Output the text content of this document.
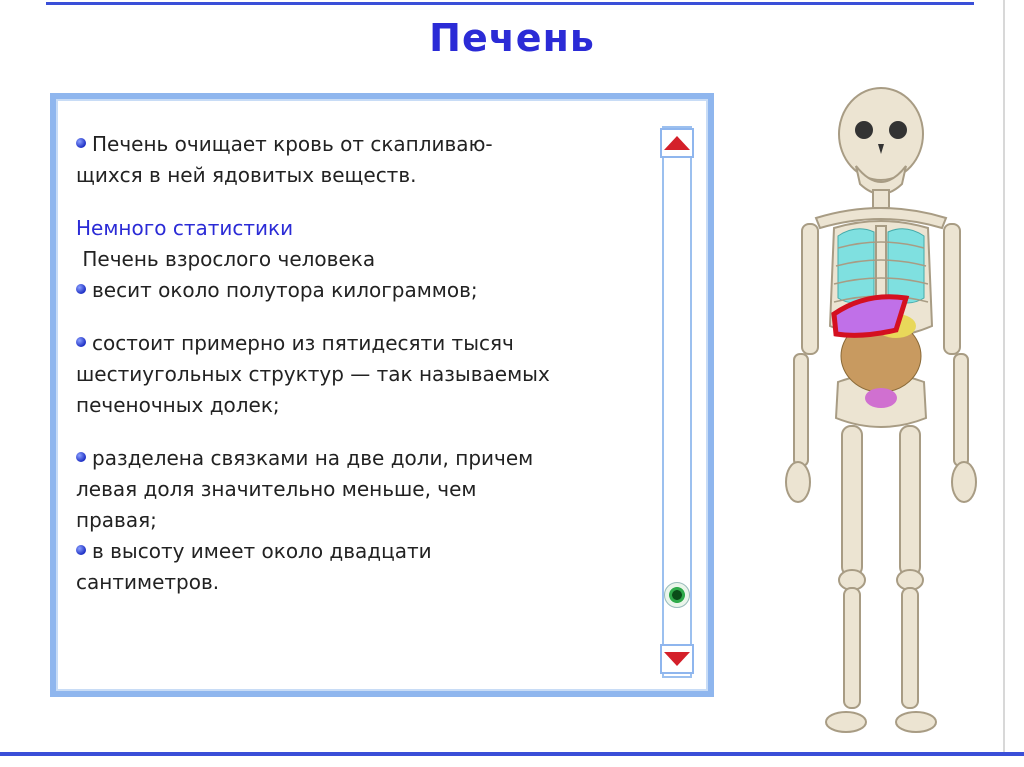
Печень

Печень очищает кровь от скапливаю-

щихся в ней ядовитых веществ.

Немного статистики

Печень взрослого человека

весит около полутора килограммов;

состоит примерно из пятидесяти тысяч

шестиугольных структур — так называемых

печеночных долек;

разделена связками на две доли, причем

левая доля значительно меньше, чем

правая;

в высоту имеет около двадцати

сантиметров.
